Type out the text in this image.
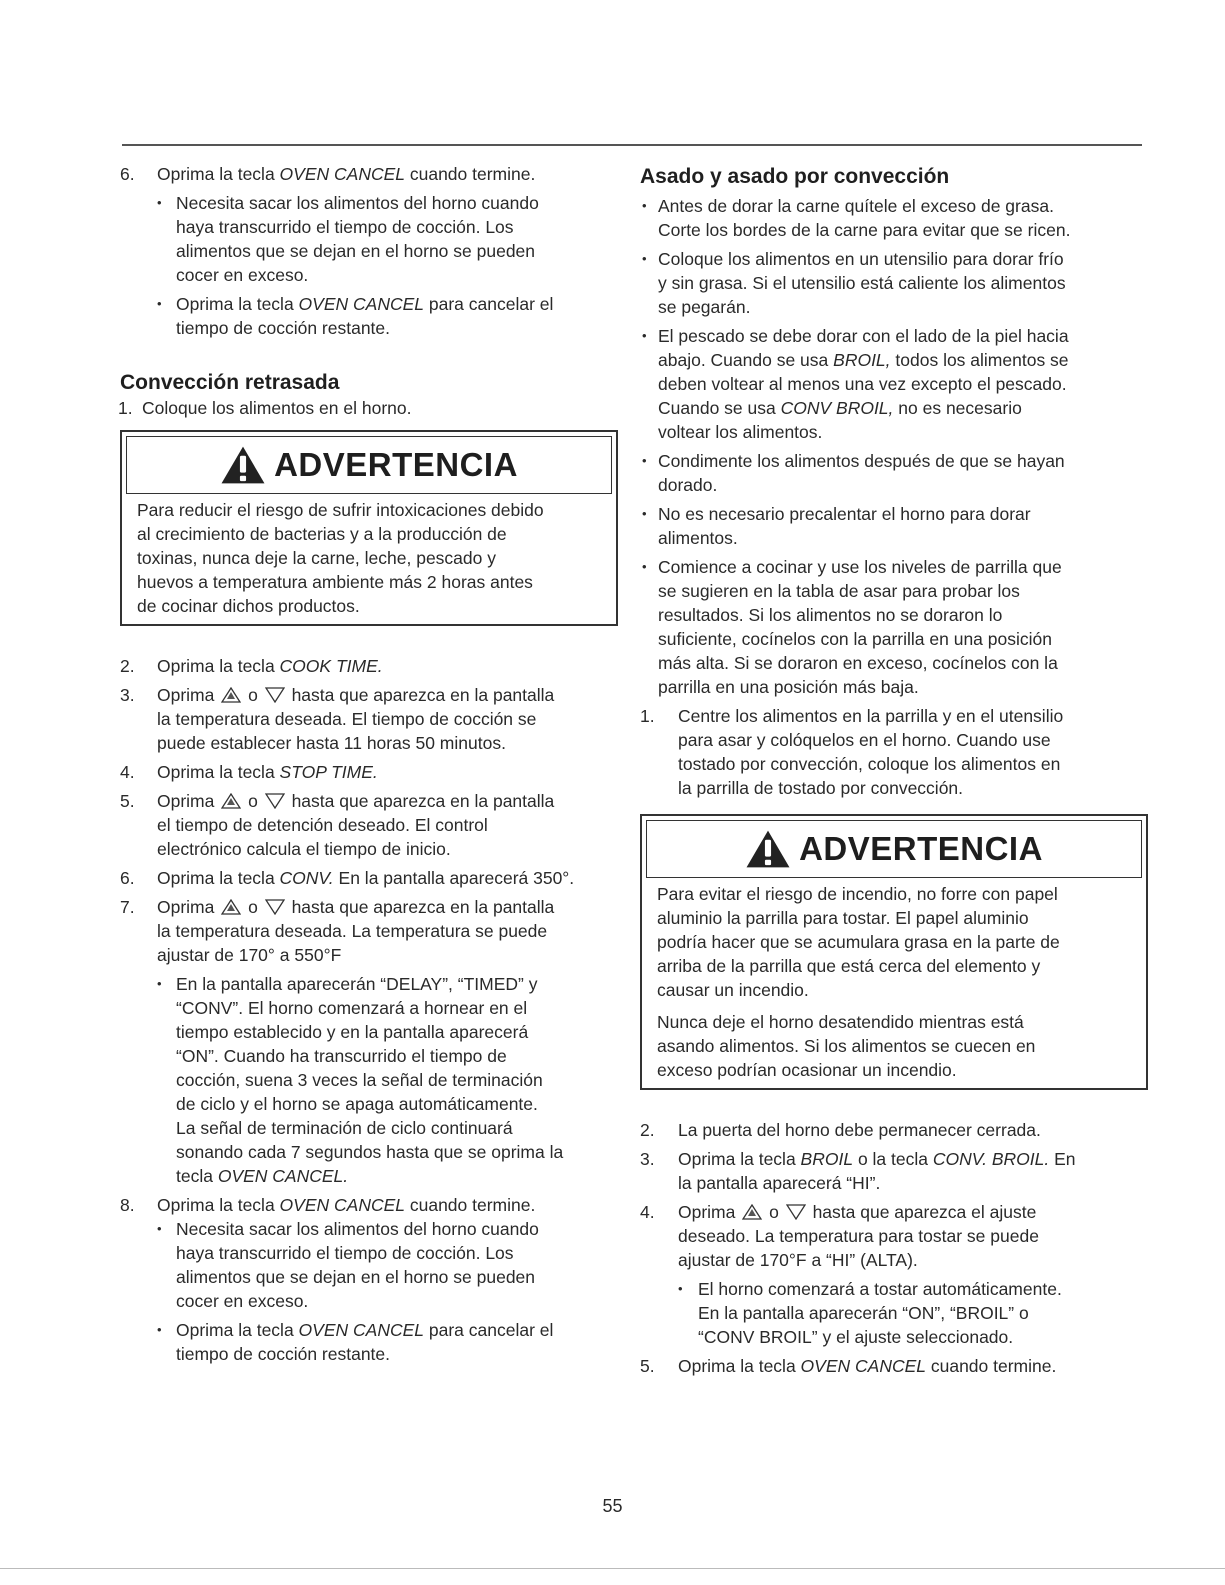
6. Oprima la tecla OVEN CANCEL cuando termine.
• Necesita sacar los alimentos del horno cuando
haya transcurrido el tiempo de cocción. Los
alimentos que se dejan en el horno se pueden
cocer en exceso.
• Oprima la tecla OVEN CANCEL para cancelar el
tiempo de cocción restante.
Convección retrasada
1. Coloque los alimentos en el horno.
ADVERTENCIA
Para reducir el riesgo de sufrir intoxicaciones debido
al crecimiento de bacterias y a la producción de
toxinas, nunca deje la carne, leche, pescado y
huevos a temperatura ambiente más 2 horas antes
de cocinar dichos productos.
2. Oprima la tecla COOK TIME.
3. Oprima  o  hasta que aparezca en la pantalla
la temperatura deseada. El tiempo de cocción se
puede establecer hasta 11 horas 50 minutos.
4. Oprima la tecla STOP TIME.
5. Oprima  o  hasta que aparezca en la pantalla
el tiempo de detención deseado. El control
electrónico calcula el tiempo de inicio.
6. Oprima la tecla CONV. En la pantalla aparecerá 350°.
7. Oprima  o  hasta que aparezca en la pantalla
la temperatura deseada. La temperatura se puede
ajustar de 170° a 550°F
• En la pantalla aparecerán “DELAY”, “TIMED” y
“CONV”. El horno comenzará a hornear en el
tiempo establecido y en la pantalla aparecerá
“ON”. Cuando ha transcurrido el tiempo de
cocción, suena 3 veces la señal de terminación
de ciclo y el horno se apaga automáticamente.
La señal de terminación de ciclo continuará
sonando cada 7 segundos hasta que se oprima la
tecla OVEN CANCEL.
8. Oprima la tecla OVEN CANCEL cuando termine.
• Necesita sacar los alimentos del horno cuando
haya transcurrido el tiempo de cocción. Los
alimentos que se dejan en el horno se pueden
cocer en exceso.
• Oprima la tecla OVEN CANCEL para cancelar el
tiempo de cocción restante.
Asado y asado por convección
• Antes de dorar la carne quítele el exceso de grasa.
Corte los bordes de la carne para evitar que se ricen.
• Coloque los alimentos en un utensilio para dorar frío
y sin grasa. Si el utensilio está caliente los alimentos
se pegarán.
• El pescado se debe dorar con el lado de la piel hacia
abajo. Cuando se usa BROIL, todos los alimentos se
deben voltear al menos una vez excepto el pescado.
Cuando se usa CONV BROIL, no es necesario
voltear los alimentos.
• Condimente los alimentos después de que se hayan
dorado.
• No es necesario precalentar el horno para dorar
alimentos.
• Comience a cocinar y use los niveles de parrilla que
se sugieren en la tabla de asar para probar los
resultados. Si los alimentos no se doraron lo
suficiente, cocínelos con la parrilla en una posición
más alta. Si se doraron en exceso, cocínelos con la
parrilla en una posición más baja.
1. Centre los alimentos en la parrilla y en el utensilio
para asar y colóquelos en el horno. Cuando use
tostado por convección, coloque los alimentos en
la parrilla de tostado por convección.
ADVERTENCIA

Para evitar el riesgo de incendio, no forre con papel
aluminio la parrilla para tostar. El papel aluminio
podría hacer que se acumulara grasa en la parte de
arriba de la parrilla que está cerca del elemento y
causar un incendio.

Nunca deje el horno desatendido mientras está
asando alimentos. Si los alimentos se cuecen en
exceso podrían ocasionar un incendio.

2. La puerta del horno debe permanecer cerrada.
3. Oprima la tecla BROIL o la tecla CONV. BROIL. En
la pantalla aparecerá “HI”.
4. Oprima  o  hasta que aparezca el ajuste
deseado. La temperatura para tostar se puede
ajustar de 170°F a “HI” (ALTA).
• El horno comenzará a tostar automáticamente.
En la pantalla aparecerán “ON”, “BROIL” o
“CONV BROIL” y el ajuste seleccionado.
5. Oprima la tecla OVEN CANCEL cuando termine.
55
